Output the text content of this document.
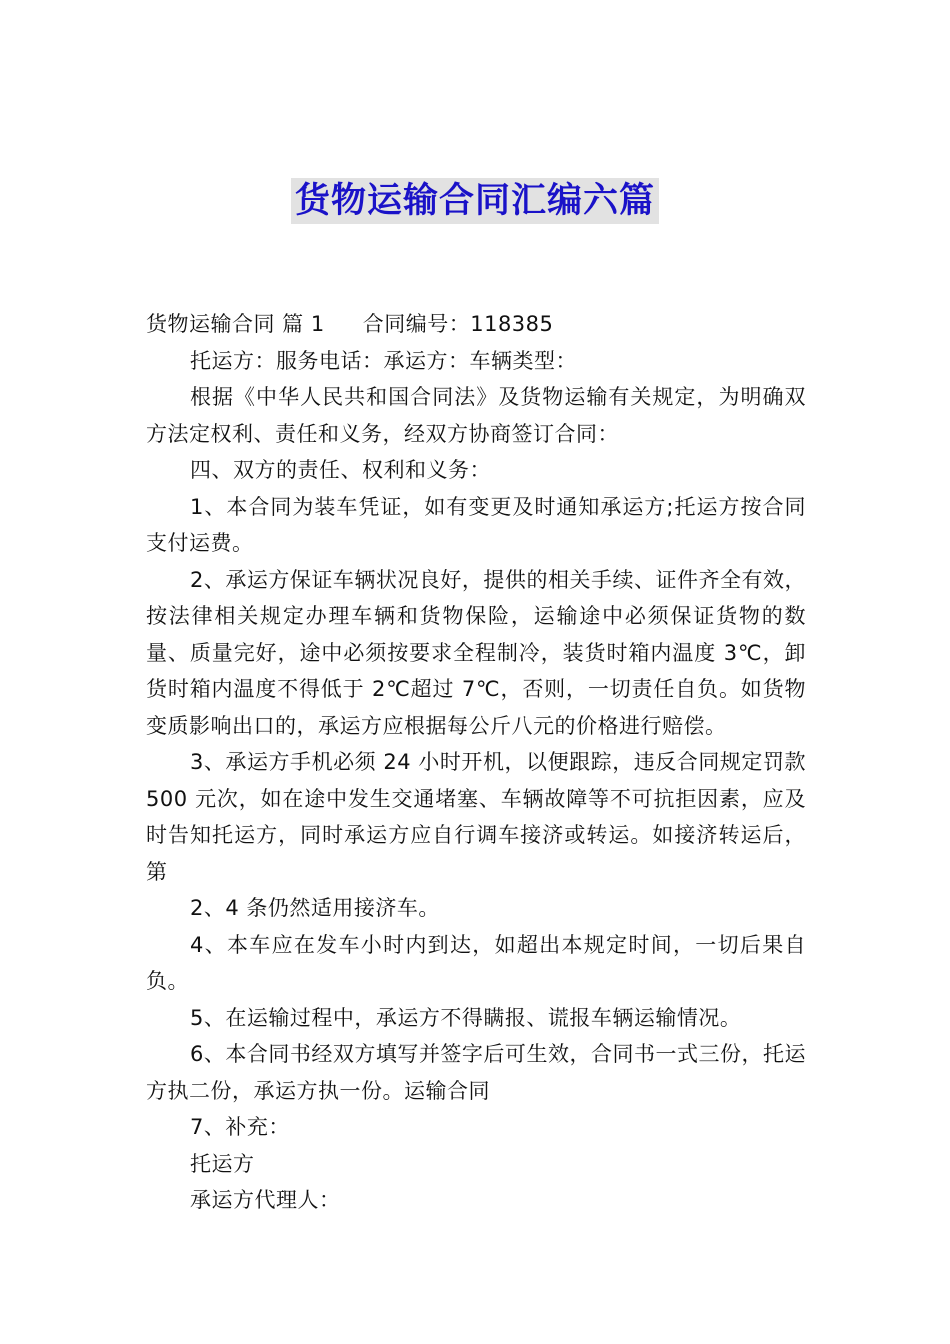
货物运输合同汇编六篇

货物运输合同 篇 1 合同编号：118385

托运方：服务电话：承运方：车辆类型：

根据《中华人民共和国合同法》及货物运输有关规定，为明确双方法定权利、责任和义务，经双方协商签订合同：

四、双方的责任、权利和义务：

1、本合同为装车凭证，如有变更及时通知承运方;托运方按合同支付运费。

2、承运方保证车辆状况良好，提供的相关手续、证件齐全有效，按法律相关规定办理车辆和货物保险，运输途中必须保证货物的数量、质量完好，途中必须按要求全程制冷，装货时箱内温度 3℃，卸货时箱内温度不得低于 2℃超过 7℃，否则，一切责任自负。如货物变质影响出口的，承运方应根据每公斤八元的价格进行赔偿。

3、承运方手机必须 24 小时开机，以便跟踪，违反合同规定罚款 500 元次，如在途中发生交通堵塞、车辆故障等不可抗拒因素，应及时告知托运方，同时承运方应自行调车接济或转运。如接济转运后，第

2、4 条仍然适用接济车。

4、本车应在发车小时内到达，如超出本规定时间，一切后果自负。

5、在运输过程中，承运方不得瞒报、谎报车辆运输情况。

6、本合同书经双方填写并签字后可生效，合同书一式三份，托运方执二份，承运方执一份。运输合同

7、补充：

托运方

承运方代理人：
